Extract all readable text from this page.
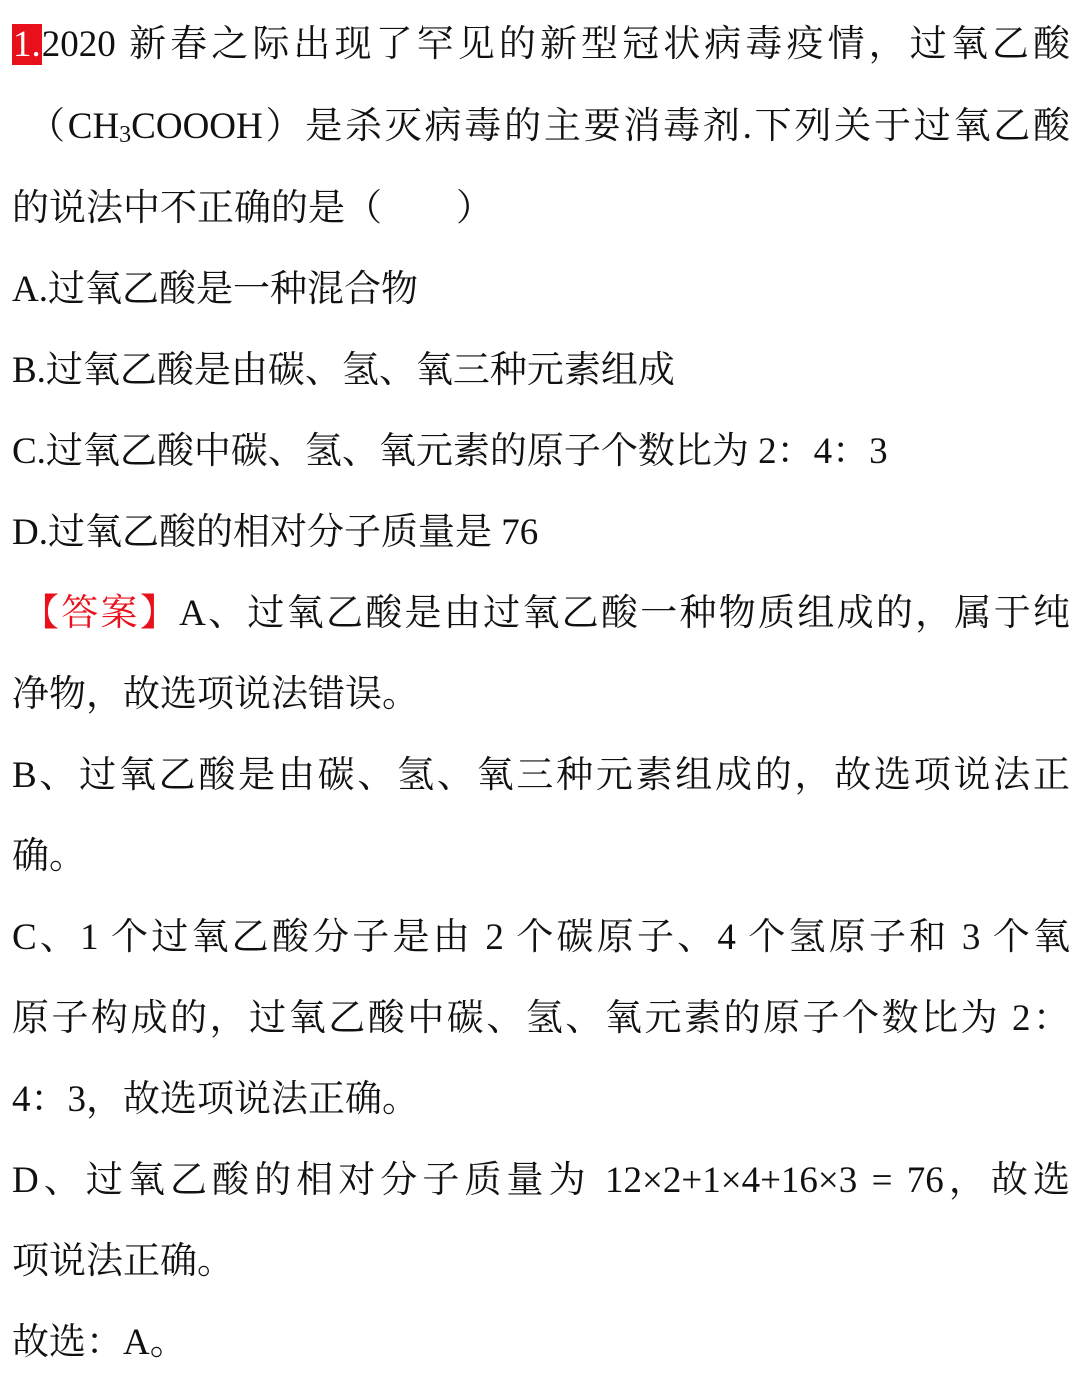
1.2020 新春之际出现了罕见的新型冠状病毒疫情，过氧乙酸
$(CH_3COOOH)$是杀灭病毒的主要消毒剂.下列关于过氧乙酸
的说法中不正确的是（　　）
A.过氧乙酸是一种混合物
B.过氧乙酸是由碳、氢、氧三种元素组成
C.过氧乙酸中碳、氢、氧元素的原子个数比为 2：4：3
D.过氧乙酸的相对分子质量是 76
【答案】A、过氧乙酸是由过氧乙酸一种物质组成的，属于纯
净物，故选项说法错误。
B、过氧乙酸是由碳、氢、氧三种元素组成的，故选项说法正
确。
C、1 个过氧乙酸分子是由 2 个碳原子、4 个氢原子和 3 个氧
原子构成的，过氧乙酸中碳、氢、氧元素的原子个数比为 2：
4：3，故选项说法正确。
D、过氧乙酸的相对分子质量为 12×2+1×4+16×3 = 76，故选
项说法正确。
故选：A。
